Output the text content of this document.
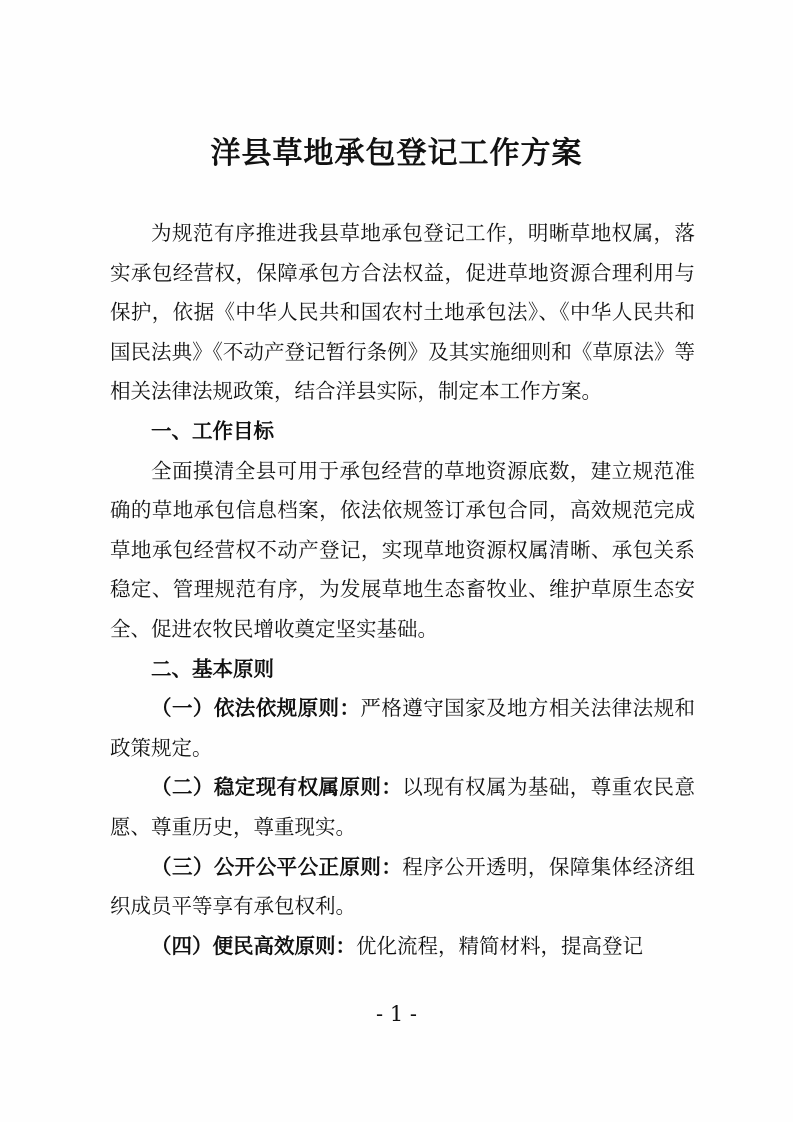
洋县草地承包登记工作方案

为规范有序推进我县草地承包登记工作，明晰草地权属，落实承包经营权，保障承包方合法权益，促进草地资源合理利用与保护，依据《中华人民共和国农村土地承包法》、《中华人民共和国民法典》《不动产登记暂行条例》及其实施细则和《草原法》等相关法律法规政策，结合洋县实际，制定本工作方案。

一、工作目标

全面摸清全县可用于承包经营的草地资源底数，建立规范准确的草地承包信息档案，依法依规签订承包合同，高效规范完成草地承包经营权不动产登记，实现草地资源权属清晰、承包关系稳定、管理规范有序，为发展草地生态畜牧业、维护草原生态安全、促进农牧民增收奠定坚实基础。

二、基本原则

（一）依法依规原则：严格遵守国家及地方相关法律法规和政策规定。

（二）稳定现有权属原则：以现有权属为基础，尊重农民意愿、尊重历史，尊重现实。

（三）公开公平公正原则：程序公开透明，保障集体经济组织成员平等享有承包权利。

（四）便民高效原则：优化流程，精简材料，提高登记

- 1 -
